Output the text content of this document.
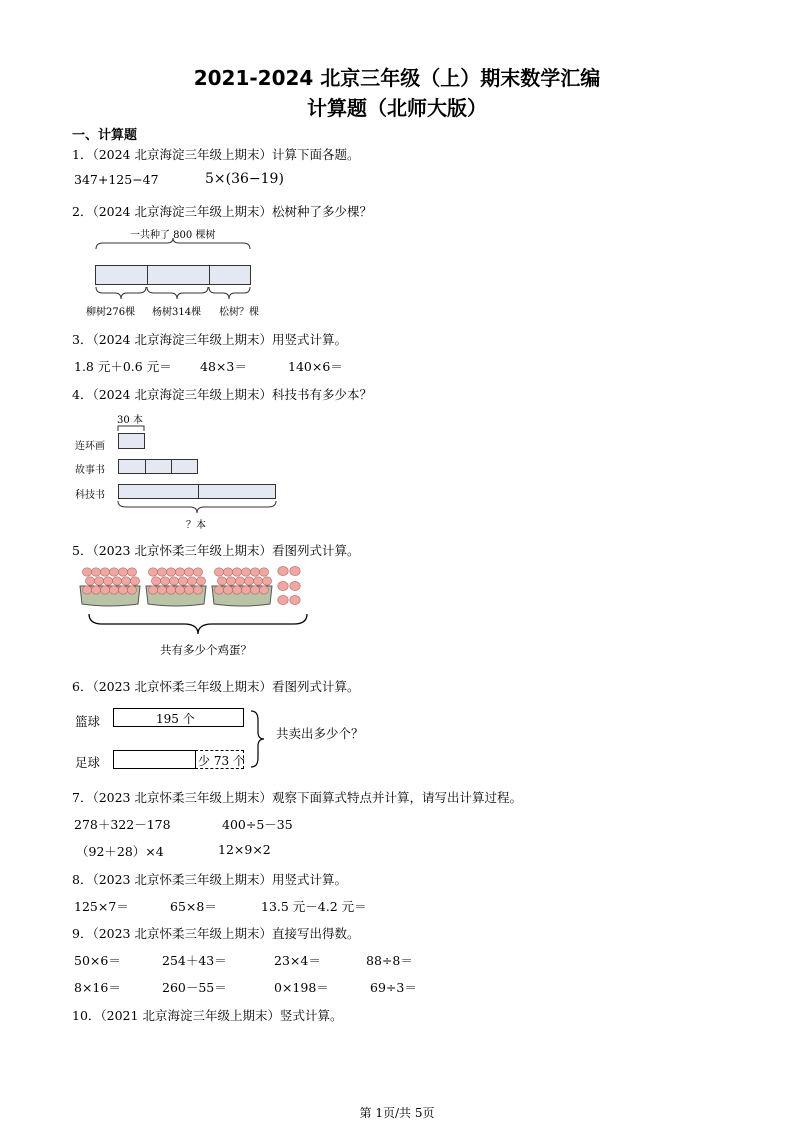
2021-2024 北京三年级（上）期末数学汇编
计算题（北师大版）
一、计算题
1．（2024 北京海淀三年级上期末）计算下面各题。
347+125−47	5×(36−19)
2．（2024 北京海淀三年级上期末）松树种了多少棵？
一共种了 800 棵树
柳树276棵 杨树314棵 松树？棵
3．（2024 北京海淀三年级上期末）用竖式计算。
1.8 元＋0.6 元＝ 48×3＝	140×6＝
4．（2024 北京海淀三年级上期末）科技书有多少本？
30 本
连环画
故事书
科技书
？本
5．（2023 北京怀柔三年级上期末）看图列式计算。
共有多少个鸡蛋？
6．（2023 北京怀柔三年级上期末）看图列式计算。
篮球	195 个
足球	少 73 个
共卖出多少个？
7．（2023 北京怀柔三年级上期末）观察下面算式特点并计算，请写出计算过程。
278＋322－178	400÷5－35
（92＋28）×4	12×9×2
8．（2023 北京怀柔三年级上期末）用竖式计算。
125×7＝	65×8＝	13.5 元－4.2 元＝
9．（2023 北京怀柔三年级上期末）直接写出得数。
50×6＝	254＋43＝	23×4＝	88÷8＝
8×16＝	260－55＝	0×198＝	69÷3＝
10．（2021 北京海淀三年级上期末）竖式计算。
第 1页/共 5页
